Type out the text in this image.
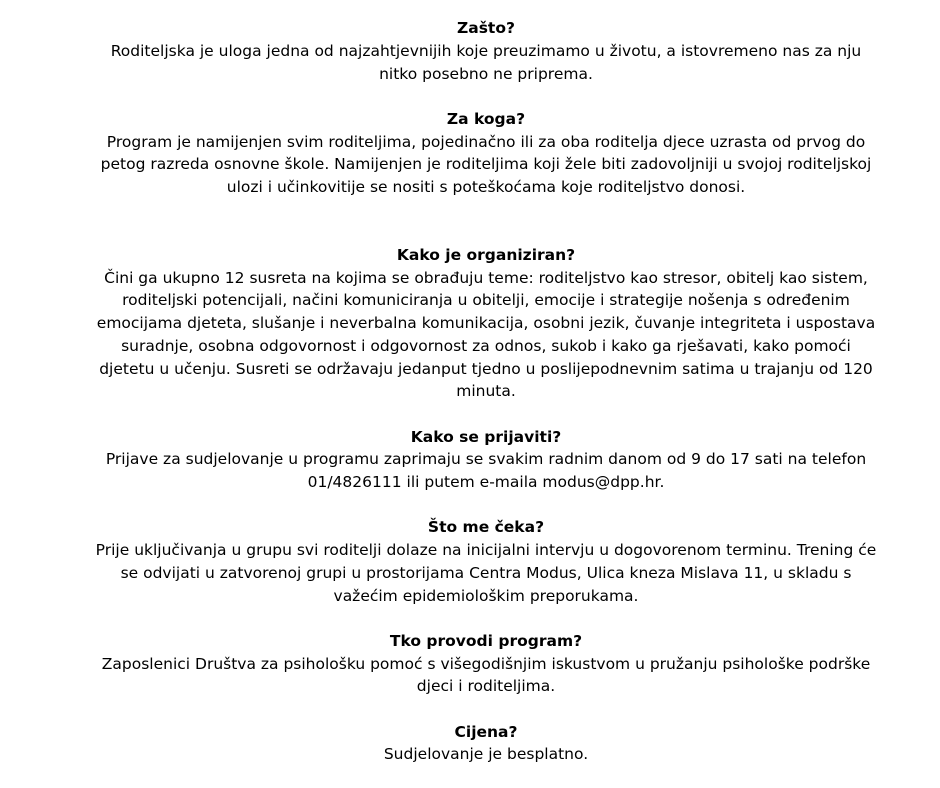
Zašto?

Roditeljska je uloga jedna od najzahtjevnijih koje preuzimamo u životu, a istovremeno nas za nju
nitko posebno ne priprema.

Za koga?

Program je namijenjen svim roditeljima, pojedinačno ili za oba roditelja djece uzrasta od prvog do
petog razreda osnovne škole. Namijenjen je roditeljima koji žele biti zadovoljniji u svojoj roditeljskoj
ulozi i učinkovitije se nositi s poteškoćama koje roditeljstvo donosi.

Kako je organiziran?

Čini ga ukupno 12 susreta na kojima se obrađuju teme: roditeljstvo kao stresor, obitelj kao sistem,
roditeljski potencijali, načini komuniciranja u obitelji, emocije i strategije nošenja s određenim
emocijama djeteta, slušanje i neverbalna komunikacija, osobni jezik, čuvanje integriteta i uspostava
suradnje, osobna odgovornost i odgovornost za odnos, sukob i kako ga rješavati, kako pomoći
djetetu u učenju. Susreti se održavaju jedanput tjedno u poslijepodnevnim satima u trajanju od 120
minuta.

Kako se prijaviti?

Prijave za sudjelovanje u programu zaprimaju se svakim radnim danom od 9 do 17 sati na telefon
01/4826111 ili putem e-maila modus@dpp.hr.

Što me čeka?

Prije uključivanja u grupu svi roditelji dolaze na inicijalni intervju u dogovorenom terminu. Trening će
se odvijati u zatvorenoj grupi u prostorijama Centra Modus, Ulica kneza Mislava 11, u skladu s
važećim epidemiološkim preporukama.

Tko provodi program?

Zaposlenici Društva za psihološku pomoć s višegodišnjim iskustvom u pružanju psihološke podrške
djeci i roditeljima.

Cijena?

Sudjelovanje je besplatno.
